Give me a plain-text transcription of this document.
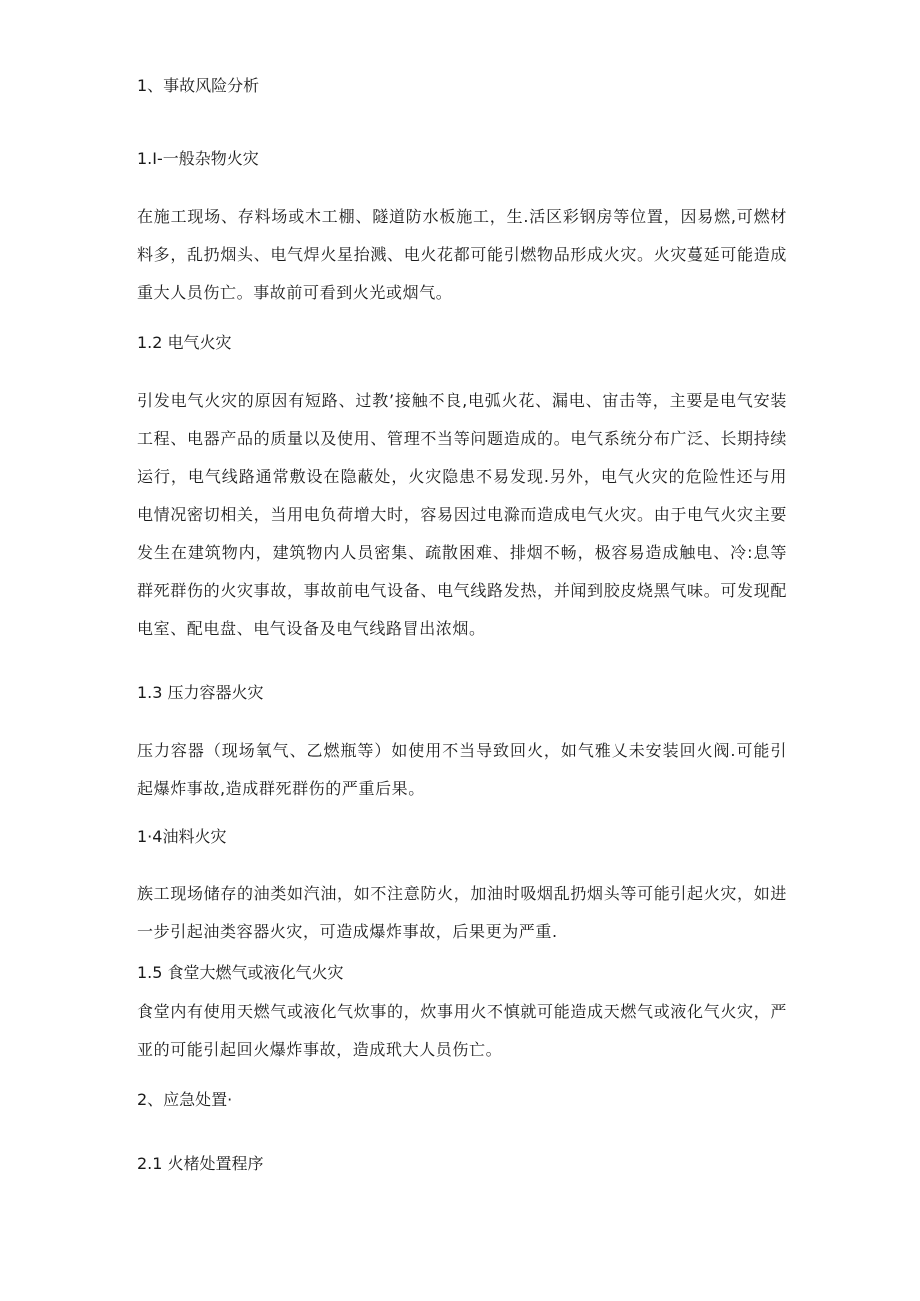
1、事故风险分析
1.I-一般杂物火灾
在施工现场、存料场或木工棚、隧道防水板施工，生.活区彩钢房等位置，因易燃,可燃材料多，乱扔烟头、电气焊火星抬溅、电火花都可能引燃物品形成火灾。火灾蔓延可能造成重大人员伤亡。事故前可看到火光或烟气。
1.2 电气火灾
引发电气火灾的原因有短路、过教’接触不良,电弧火花、漏电、宙击等，主要是电气安装工程、电器产品的质量以及使用、管理不当等问题造成的。电气系统分布广泛、长期持续运行，电气线路通常敷设在隐蔽处，火灾隐患不易发现.另外，电气火灾的危险性还与用电情况密切相关，当用电负荷增大时，容易因过电滁而造成电气火灾。由于电气火灾主要发生在建筑物内，建筑物内人员密集、疏散困难、排烟不畅，极容易造成触电、冷:息等群死群伤的火灾事故，事故前电气设备、电气线路发热，并闻到胶皮烧黑气味。可发现配电室、配电盘、电气设备及电气线路冒出浓烟。
1.3 压力容器火灾
压力容器（现场氧气、乙燃瓶等）如使用不当导致回火，如气雅乂未安装回火阀.可能引起爆炸事故,造成群死群伤的严重后果。
1·4油料火灾
族工现场储存的油类如汽油，如不注意防火，加油时吸烟乱扔烟头等可能引起火灾，如进一步引起油类容器火灾，可造成爆炸事故，后果更为严重.
1.5 食堂大燃气或液化气火灾
食堂内有使用天燃气或液化气炊事的，炊事用火不慎就可能造成天燃气或液化气火灾，严亚的可能引起回火爆炸事故，造成玳大人员伤亡。
2、应急处置·
2.1 火楮处置程序
